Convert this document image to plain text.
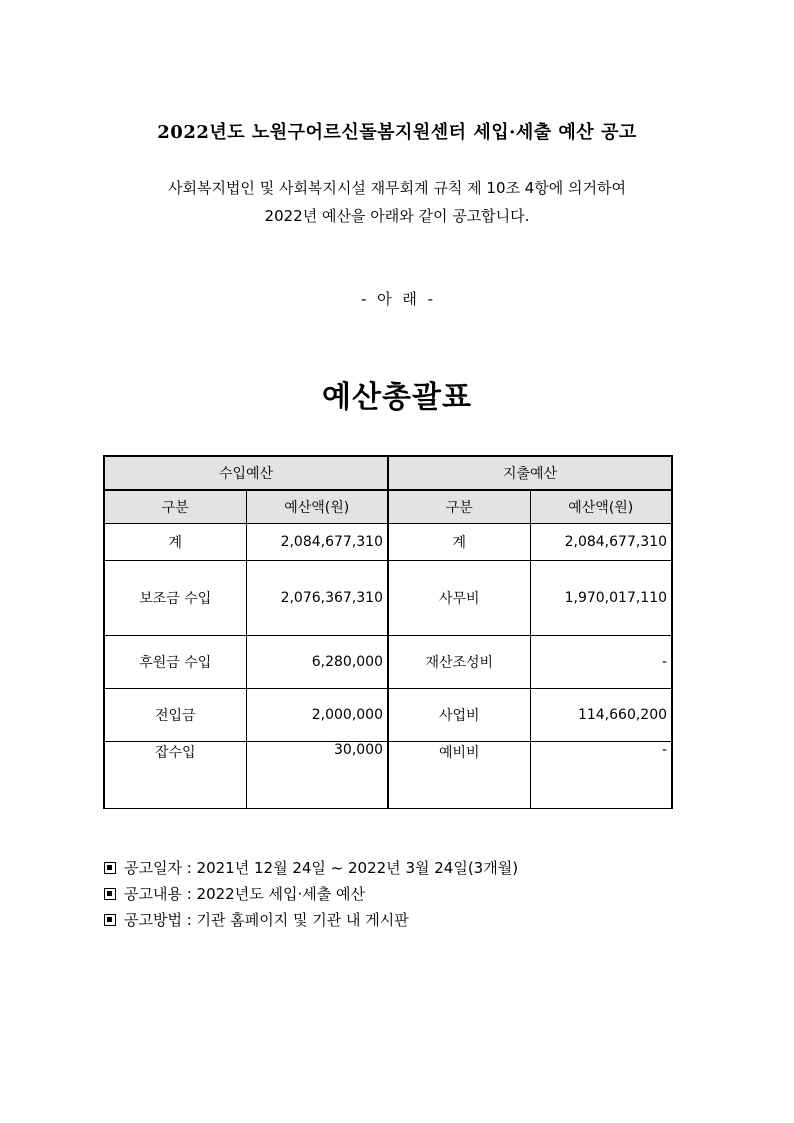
2022년도 노원구어르신돌봄지원센터 세입·세출 예산 공고
사회복지법인 및 사회복지시설 재무회계 규칙 제 10조 4항에 의거하여
2022년 예산을 아래와 같이 공고합니다.
- 아 래 -
예산총괄표
수입예산		지출예산	
구분	예산액(원)	구분	예산액(원)
계	2,084,677,310	계	2,084,677,310
보조금 수입	2,076,367,310	사무비	1,970,017,110
후원금 수입	6,280,000	재산조성비	-
전입금	2,000,000	사업비	114,660,200
잡수입	30,000	예비비	-
공고일자 : 2021년 12월 24일 ~ 2022년 3월 24일(3개월)
공고내용 : 2022년도 세입·세출 예산
공고방법 : 기관 홈페이지 및 기관 내 게시판
